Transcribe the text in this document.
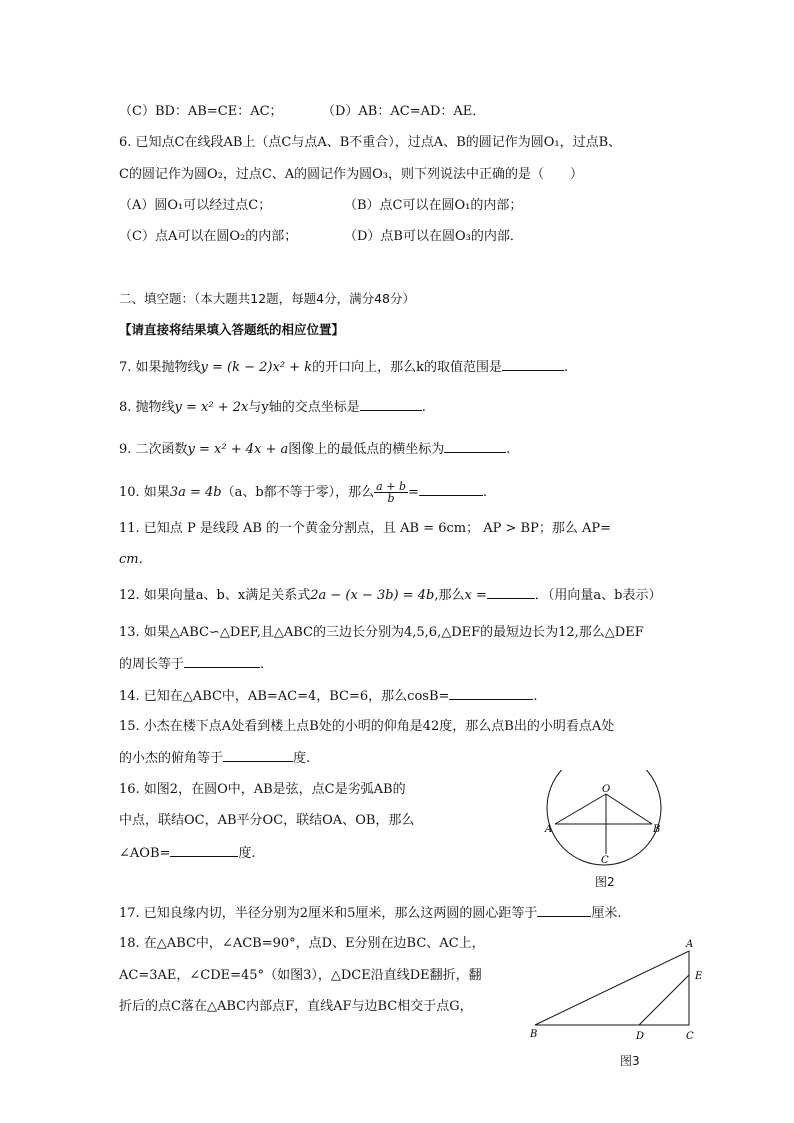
（C）BD：AB=CE：AC；	（D）AB：AC=AD：AE．
6. 已知点C在线段AB上（点C与点A、B不重合），过点A、B的圆记作为圆O₁，过点B、
C的圆记作为圆O₂，过点C、A的圆记作为圆O₃，则下列说法中正确的是（　　）
（A）圆O₁可以经过点C；	（B）点C可以在圆O₁的内部；
（C）点A可以在圆O₂的内部；	（D）点B可以在圆O₃的内部．
二、填空题：（本大题共12题，每题4分，满分48分）
【请直接将结果填入答题纸的相应位置】
7. 如果抛物线y = (k − 2)x² + k的开口向上，那么k的取值范围是	.
8. 抛物线y = x² + 2x与y轴的交点坐标是	.
9. 二次函数y = x² + 4x + a图像上的最低点的横坐标为	.
10. 如果3a = 4b（a、b都不等于零），那么 $\frac{a + b}{b}$ =	.
11. 已知点 P 是线段 AB 的一个黄金分割点，且 AB = 6cm； AP > BP；那么 AP=
cm.
12. 如果向量a、b、x满足关系式2a − (x − 3b) = 4b,那么x =	．（用向量a、b表示）
13. 如果△ABC∽△DEF,且△ABC的三边长分别为4,5,6,△DEF的最短边长为12,那么△DEF
的周长等于	.
14. 已知在△ABC中，AB=AC=4，BC=6，那么cosB=	.
15. 小杰在楼下点A处看到楼上点B处的小明的仰角是42度，那么点B出的小明看点A处
的小杰的俯角等于	度.
16. 如图2，在圆O中，AB是弦，点C是劣弧AB的
中点，联结OC，AB平分OC，联结OA、OB，那么
∠AOB=	度.
O
A	B
C
图2
17. 已知良缘内切，半径分别为2厘米和5厘米，那么这两圆的圆心距等于	厘米.
18. 在△ABC中，∠ACB=90°，点D、E分别在边BC、AC上，
AC=3AE，∠CDE=45°（如图3），△DCE沿直线DE翻折，翻
折后的点C落在△ABC内部点F，直线AF与边BC相交于点G，
A
E
B	D	C
图3
